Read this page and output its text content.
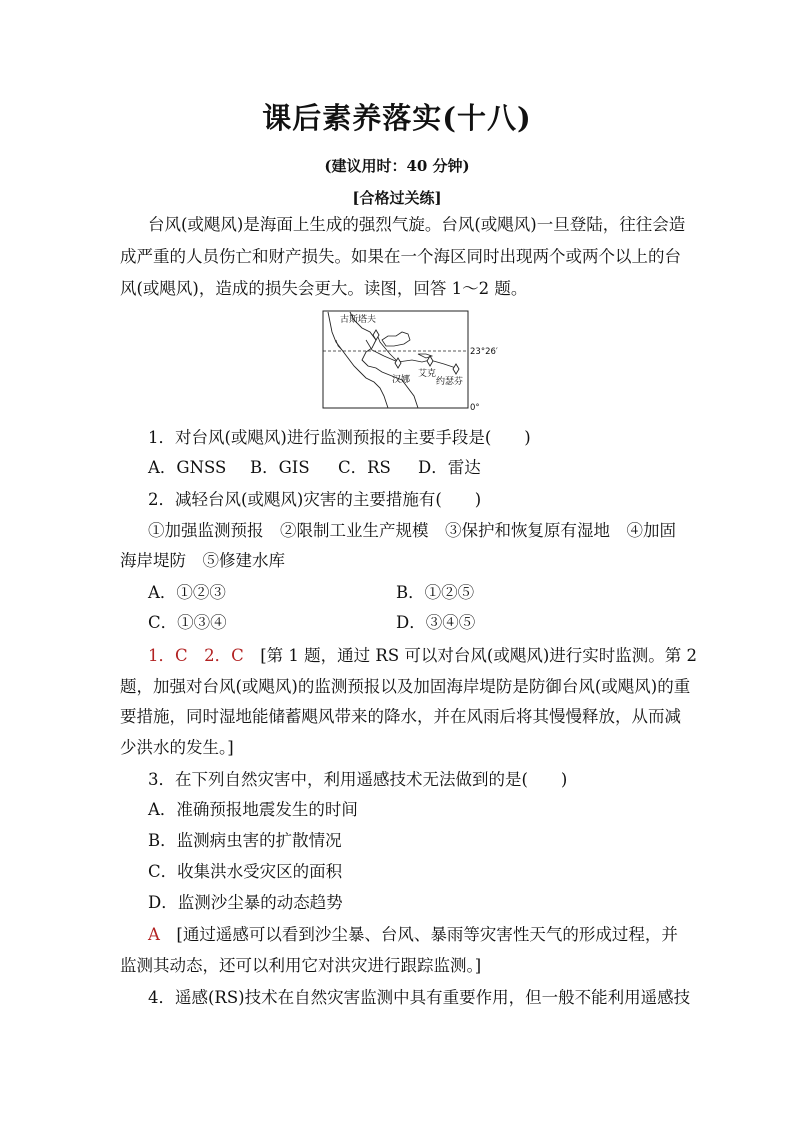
课后素养落实(十八)
(建议用时：40 分钟)
[合格过关练]
台风(或飓风)是海面上生成的强烈气旋。台风(或飓风)一旦登陆，往往会造
成严重的人员伤亡和财产损失。如果在一个海区同时出现两个或两个以上的台
风(或飓风)，造成的损失会更大。读图，回答 1～2 题。
古斯塔夫
汉娜
艾克
约瑟芬
23°26′
0°
1．对台风(或飓风)进行监测预报的主要手段是(　　)
A．GNSS B．GIS C．RS D．雷达
2．减轻台风(或飓风)灾害的主要措施有(　　)
①加强监测预报　②限制工业生产规模　③保护和恢复原有湿地　④加固
海岸堤防　⑤修建水库
A．①②③	B．①②⑤
C．①③④	D．③④⑤
1．C　2．C　[第 1 题，通过 RS 可以对台风(或飓风)进行实时监测。第 2
题，加强对台风(或飓风)的监测预报以及加固海岸堤防是防御台风(或飓风)的重
要措施，同时湿地能储蓄飓风带来的降水，并在风雨后将其慢慢释放，从而减
少洪水的发生。]
3．在下列自然灾害中，利用遥感技术无法做到的是(　　)
A．准确预报地震发生的时间
B．监测病虫害的扩散情况
C．收集洪水受灾区的面积
D．监测沙尘暴的动态趋势
A　[通过遥感可以看到沙尘暴、台风、暴雨等灾害性天气的形成过程，并
监测其动态，还可以利用它对洪灾进行跟踪监测。]
4．遥感(RS)技术在自然灾害监测中具有重要作用，但一般不能利用遥感技
